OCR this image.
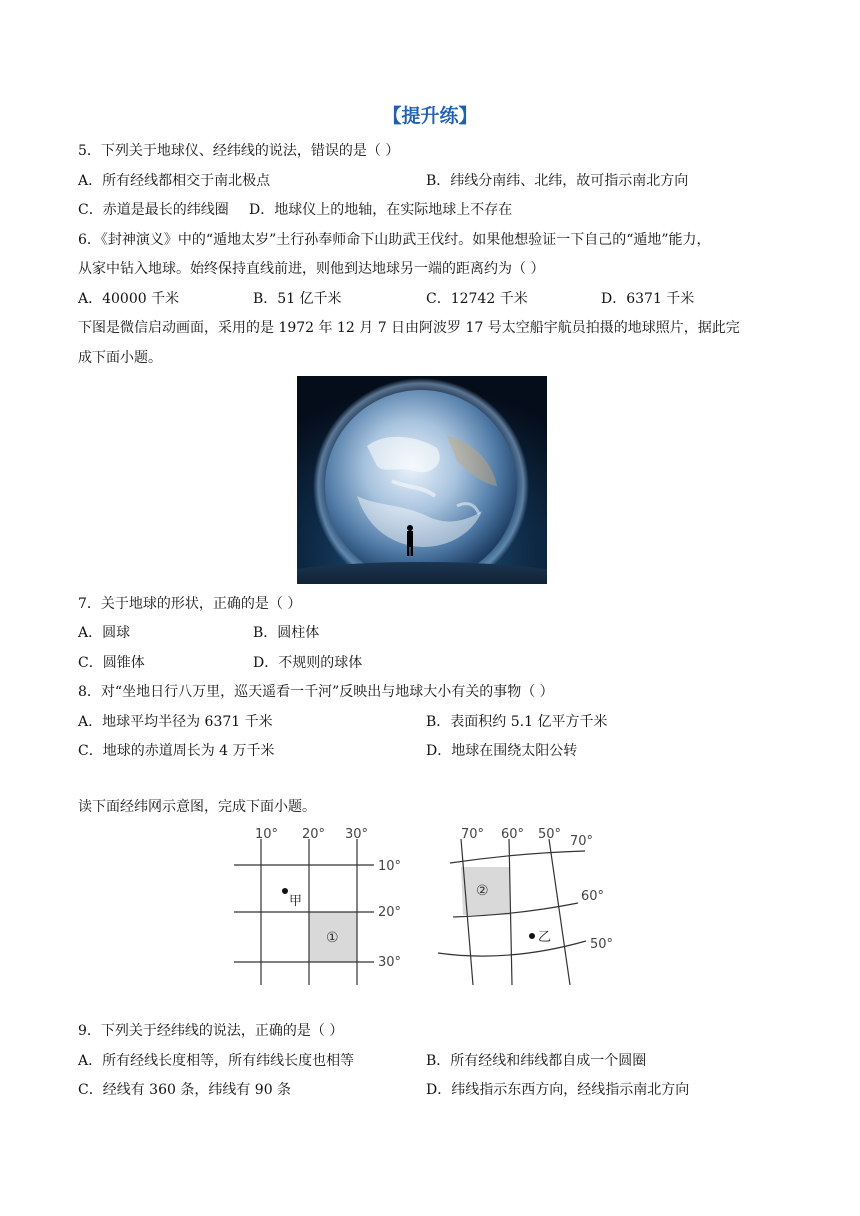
【提升练】
5．下列关于地球仪、经纬线的说法，错误的是（ ）
A．所有经线都相交于南北极点	B．纬线分南纬、北纬，故可指示南北方向
C．赤道是最长的纬线圈 D．地球仪上的地轴，在实际地球上不存在
6．《封神演义》中的“遁地太岁”土行孙奉师命下山助武王伐纣。如果他想验证一下自己的“遁地”能力，
从家中钻入地球。始终保持直线前进，则他到达地球另一端的距离约为（ ）
A．40000 千米	B．51 亿千米	C．12742 千米	D．6371 千米
下图是微信启动画面，采用的是 1972 年 12 月 7 日由阿波罗 17 号太空船宇航员拍摄的地球照片，据此完
成下面小题。
7．关于地球的形状，正确的是（ ）
A．圆球	B．圆柱体
C．圆锥体	D．不规则的球体
8．对“坐地日行八万里，巡天遥看一千河”反映出与地球大小有关的事物（ ）
A．地球平均半径为 6371 千米	B．表面积约 5.1 亿平方千米
C．地球的赤道周长为 4 万千米	D．地球在围绕太阳公转
读下面经纬网示意图，完成下面小题。
10° 20° 30°
10°
20°
30°
甲
①
70° 60° 50° 70°
60°
50°
②
乙
9．下列关于经纬线的说法，正确的是（ ）
A．所有经线长度相等，所有纬线长度也相等	B．所有经线和纬线都自成一个圆圈
C．经线有 360 条，纬线有 90 条	D．纬线指示东西方向，经线指示南北方向
